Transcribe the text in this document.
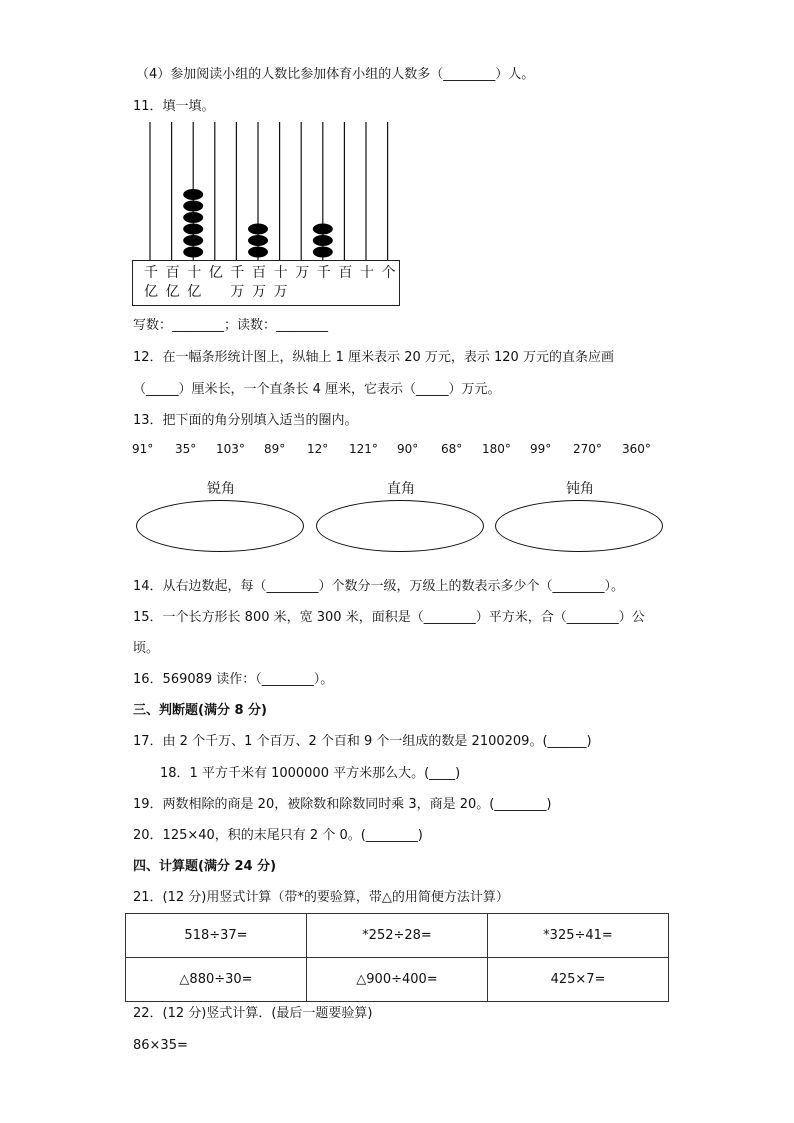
（4）参加阅读小组的人数比参加体育小组的人数多（________）人。
11．填一填。
千亿
百亿
十亿
亿 千万
百万
十万
万 千 百 十 个
写数：________；读数：________
12．在一幅条形统计图上，纵轴上 1 厘米表示 20 万元，表示 120 万元的直条应画
（_____）厘米长，一个直条长 4 厘米，它表示（_____）万元。
13．把下面的角分别填入适当的圈内。
91° 35° 103° 89° 12° 121° 90° 68° 180° 99° 270° 360°
锐角	直角	钝角
14．从右边数起，每（________）个数分一级，万级上的数表示多少个（________）。
15．一个长方形长 800 米，宽 300 米，面积是（________）平方米，合（________）公
顷。
16．569089 读作：（________）。
三、判断题(满分 8 分)
17．由 2 个千万、1 个百万、2 个百和 9 个一组成的数是 2100209。(______)
18．1 平方千米有 1000000 平方米那么大。(____)
19．两数相除的商是 20，被除数和除数同时乘 3，商是 20。(________)
20．125×40，积的末尾只有 2 个 0。(________)
四、计算题(满分 24 分)
21．(12 分)用竖式计算（带*的要验算，带△的用简便方法计算）
518÷37=	*252÷28=	*325÷41=
△880÷30=	△900÷400=	425×7=
22．(12 分)竖式计算．(最后一题要验算)
86×35=
